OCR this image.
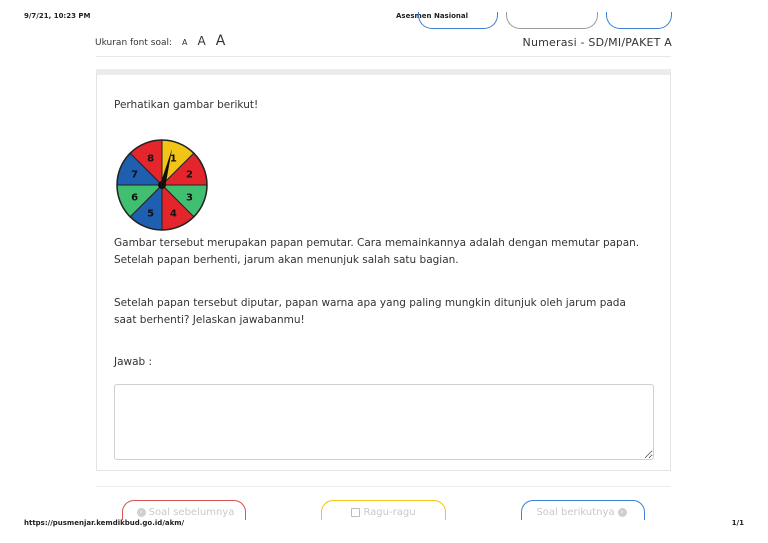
9/7/21, 10:23 PM	Asesmen Nasional
Ukuran font soal: A A A	Numerasi - SD/MI/PAKET A
Perhatikan gambar berikut!
1
2
3
4
5
6
7
8
Gambar tersebut merupakan papan pemutar. Cara memainkannya adalah dengan memutar papan. Setelah papan berhenti, jarum akan menunjuk salah satu bagian.
Setelah papan tersebut diputar, papan warna apa yang paling mungkin ditunjuk oleh jarum pada saat berhenti? Jelaskan jawabanmu!
Jawab :
‹ Soal sebelumnya	Ragu-ragu	Soal berikutnya ›
https://pusmenjar.kemdikbud.go.id/akm/	1/1
